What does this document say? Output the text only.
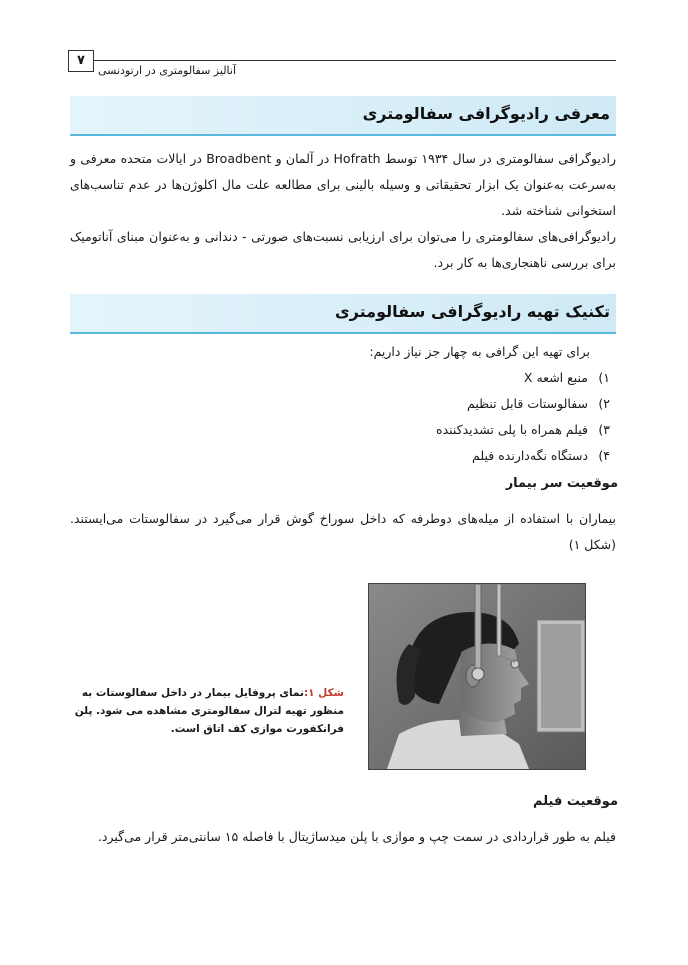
۷
آنالیز سفالومتری در ارتودنسی
معرفی رادیوگرافی سفالومتری

رادیوگرافی سفالومتری در سال ۱۹۳۴ توسط Hofrath در آلمان و Broadbent در ایالات متحده معرفی و به‌سرعت به‌عنوان یک ابزار تحقیقاتی و وسیله بالینی برای مطالعه علت مال اکلوژن‌ها در عدم تناسب‌های استخوانی شناخته شد.

رادیوگرافی‌های سفالومتری را می‌توان برای ارزیابی نسبت‌های صورتی - دندانی و به‌عنوان مبنای آناتومیک برای بررسی ناهنجاری‌ها به کار برد.

تکنیک تهیه رادیوگرافی سفالومتری
برای تهیه این گرافی به چهار جز نیاز داریم:
۱) منبع اشعه X
۲) سفالوستات قابل تنظیم
۳) فیلم همراه با پلی تشدیدکننده
۴) دستگاه نگه‌دارنده فیلم
موقعیت سر بیمار

بیماران با استفاده از میله‌های دوطرفه که داخل سوراخ گوش قرار می‌گیرد در سفالوستات می‌ایستند. (شکل ۱)

شکل ۱:نمای پروفایل بیمار در داخل سفالوستات به منظور تهیه لترال سفالومتری مشاهده می شود. پلن فرانکفورت موازی کف اتاق است.
موقعیت فیلم

فیلم به طور قراردادی در سمت چپ و موازی با پلن میدساژیتال با فاصله ۱۵ سانتی‌متر قرار می‌گیرد.
